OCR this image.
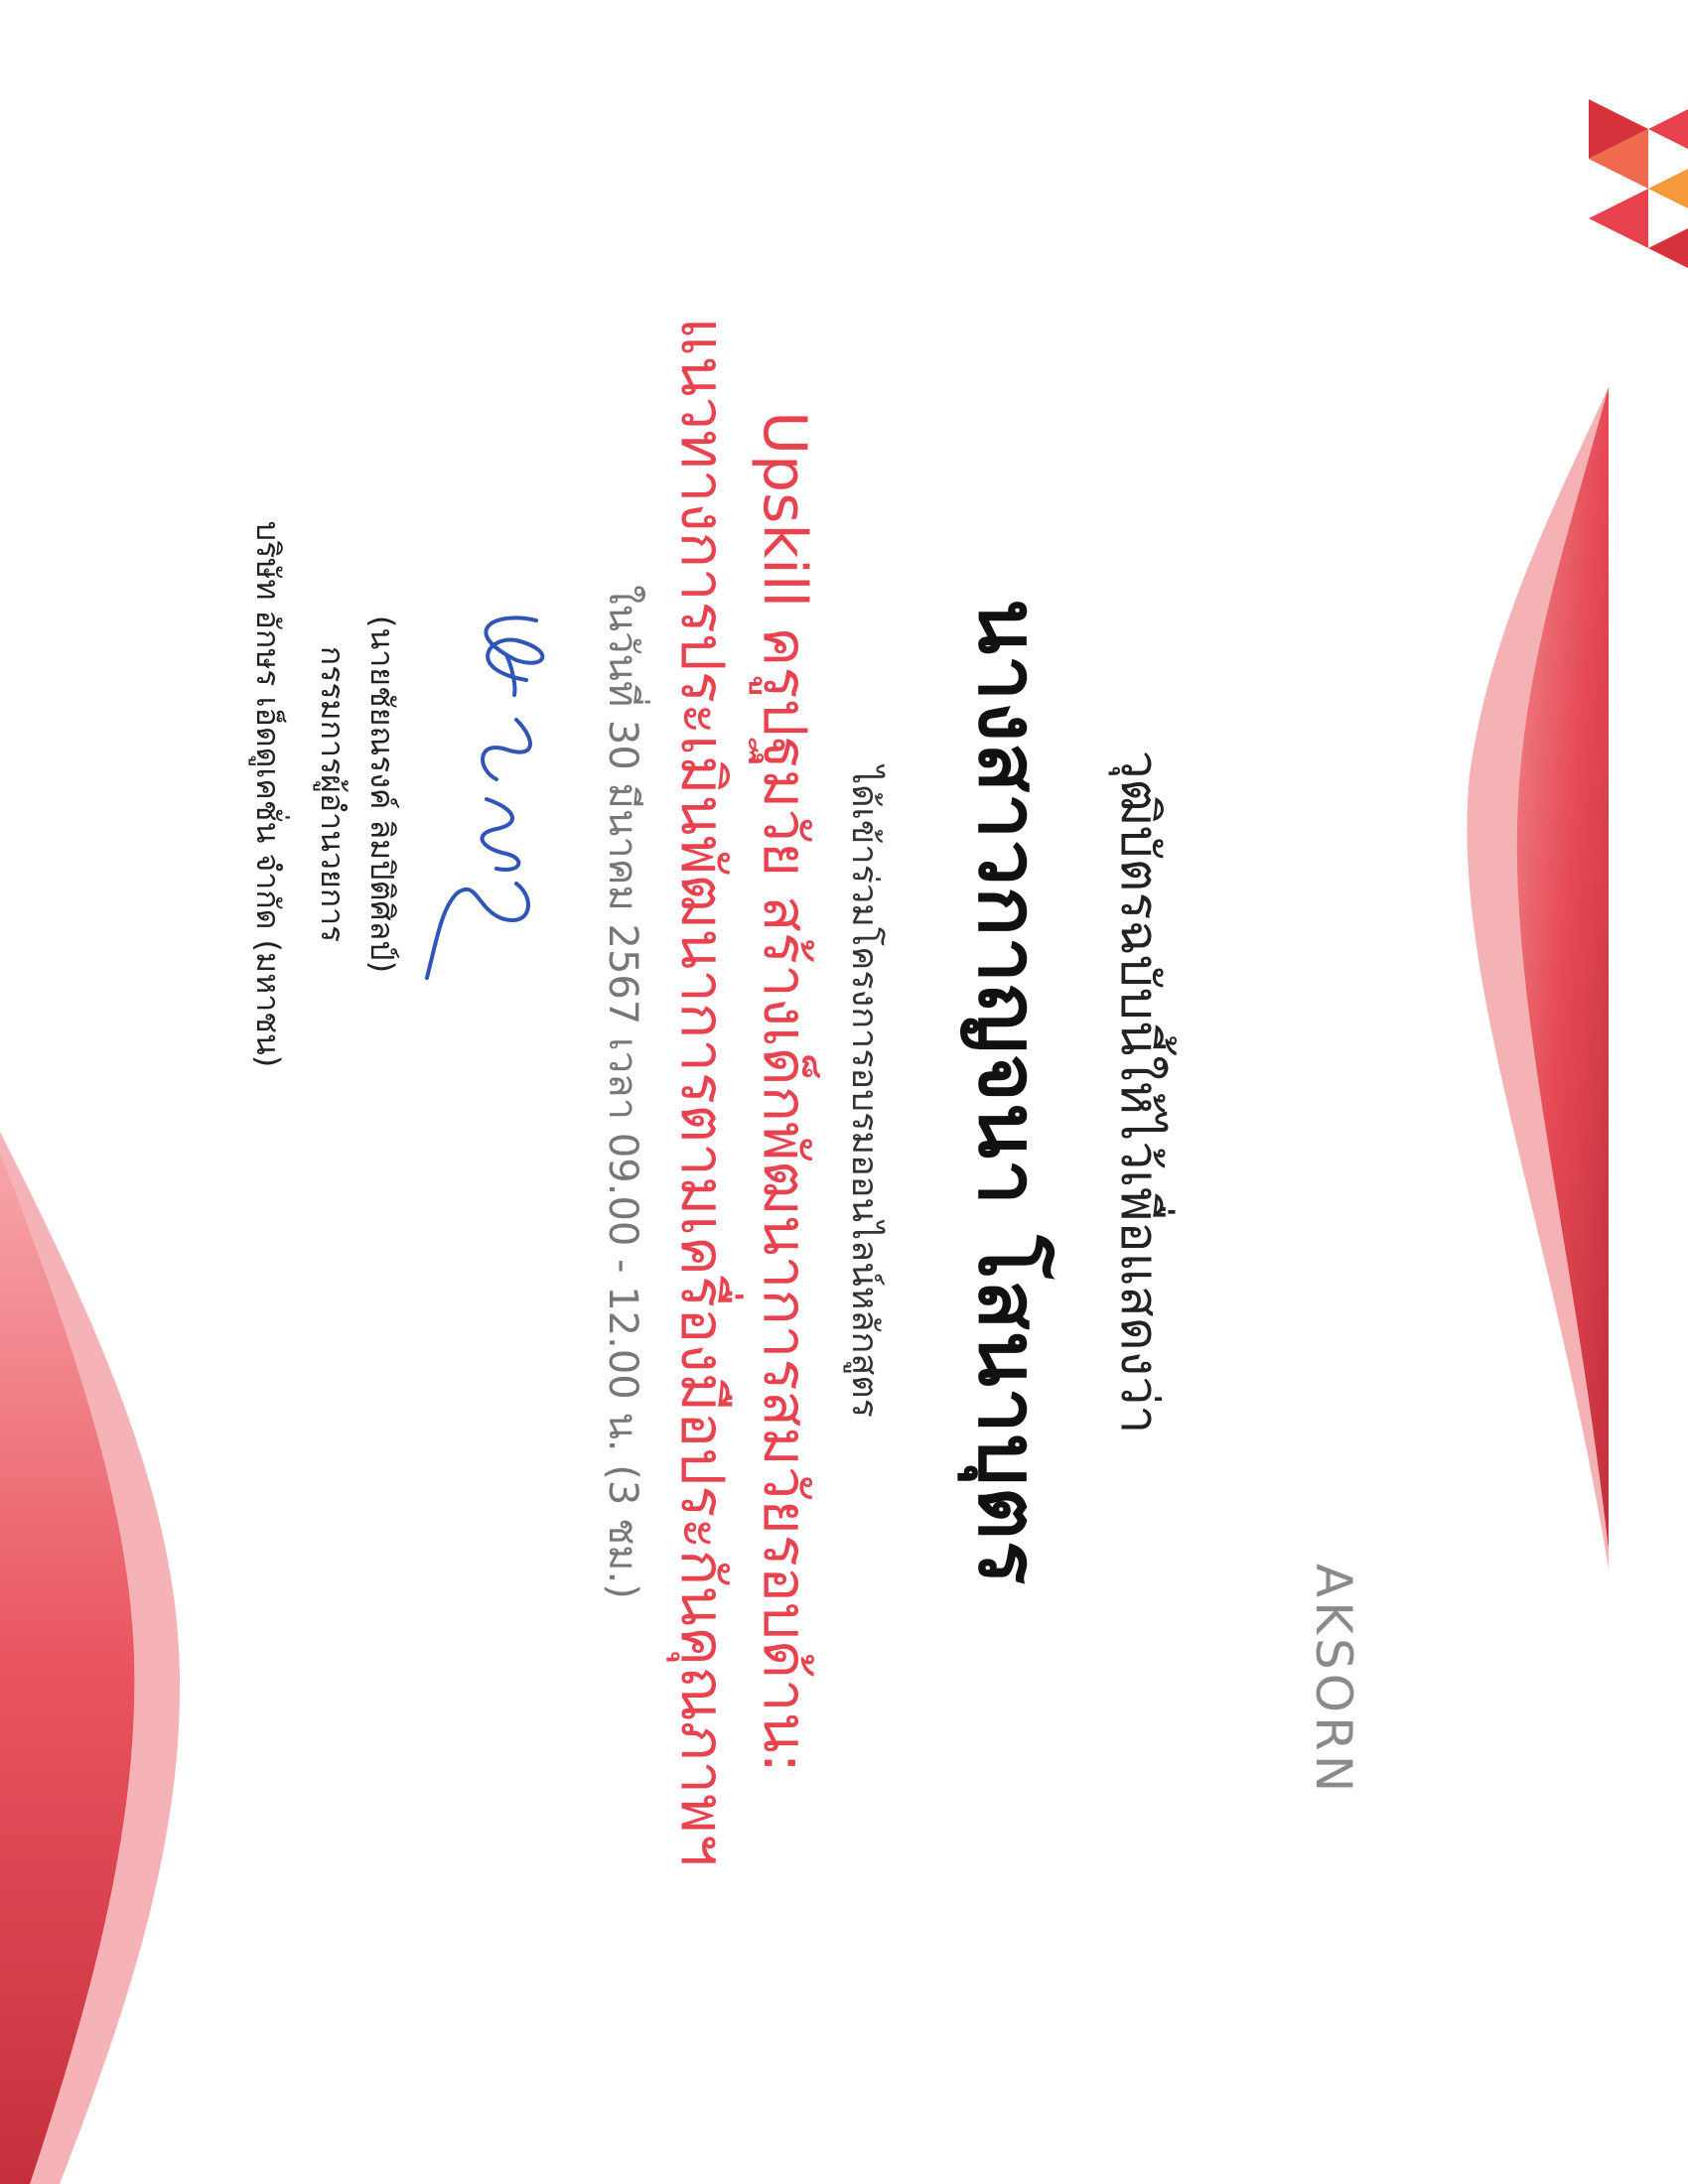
AKSORN
วุฒิบัตรฉบับนี้ให้ไว้เพื่อแสดงว่า
นางสาวกาญจนา โสนาบุตร
ได้เข้าร่วมโครงการอบรมออนไลน์หลักสูตร
Upskill ครูปฐมวัย สร้างเด็กพัฒนาการสมวัยรอบด้าน:
แนวทางการประเมินพัฒนาการตามเครื่องมือประกันคุณภาพฯ
ในวันที่ 30 มีนาคม 2567 เวลา 09.00 - 12.00 น. (3 ชม.)
(นายชัยณรงค์ ลิมปิติศิลป์)
กรรมการผู้อำนวยการ
บริษัท อักษร เอ็ดดูเคชั่น จำกัด (มหาชน)
